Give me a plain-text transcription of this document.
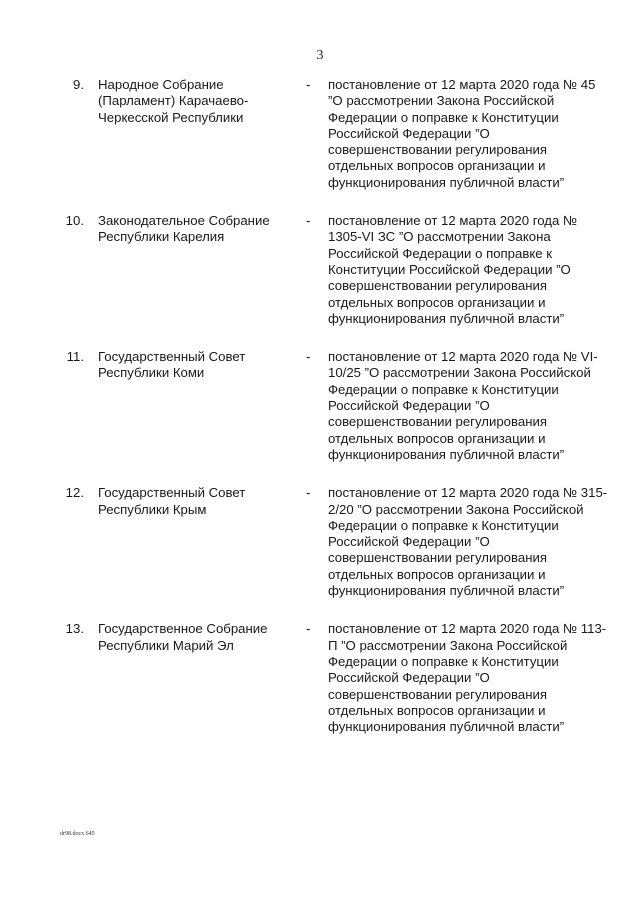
3
9. Народное Собрание (Парламент) Карачаево-Черкесской Республики
- постановление от 12 марта 2020 года № 45 ”О рассмотрении Закона Российской Федерации о поправке к Конституции Российской Федерации ”О совершенствовании регулирования отдельных вопросов организации и функционирования публичной власти”
10. Законодательное Собрание Республики Карелия
- постановление от 12 марта 2020 года № 1305-VI ЗС ”О рассмотрении Закона Российской Федерации о поправке к Конституции Российской Федерации ”О совершенствовании регулирования отдельных вопросов организации и функционирования публичной власти”
11. Государственный Совет Республики Коми
- постановление от 12 марта 2020 года № VI-10/25 ”О рассмотрении Закона Российской Федерации о поправке к Конституции Российской Федерации ”О совершенствовании регулирования отдельных вопросов организации и функционирования публичной власти”
12. Государственный Совет Республики Крым
- постановление от 12 марта 2020 года № 315-2/20 ”О рассмотрении Закона Российской Федерации о поправке к Конституции Российской Федерации ”О совершенствовании регулирования отдельных вопросов организации и функционирования публичной власти”
13. Государственное Собрание Республики Марий Эл
- постановление от 12 марта 2020 года № 113-П ”О рассмотрении Закона Российской Федерации о поправке к Конституции Российской Федерации ”О совершенствовании регулирования отдельных вопросов организации и функционирования публичной власти”
dr98.docx 645
